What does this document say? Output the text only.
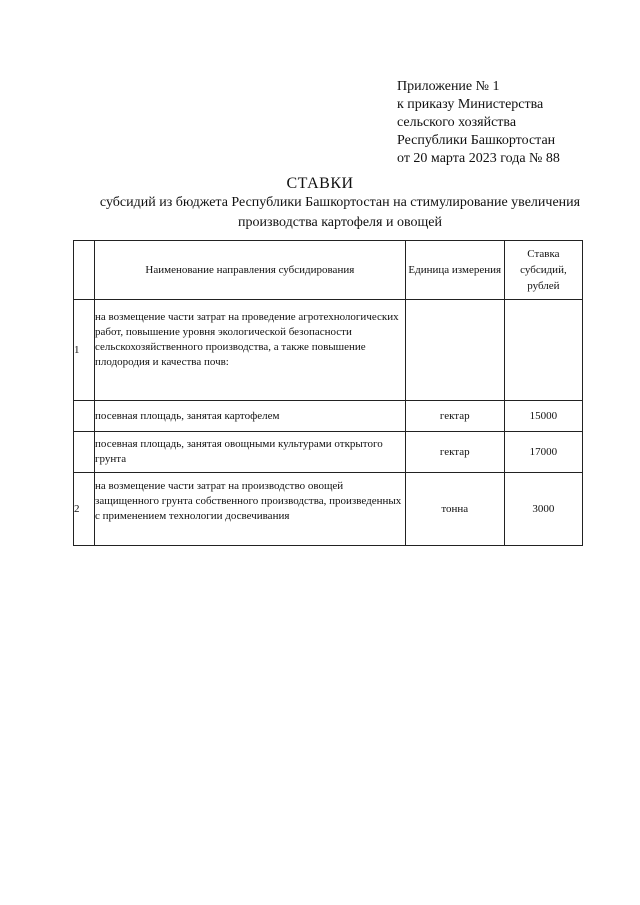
Приложение № 1
к приказу Министерства
сельского хозяйства
Республики Башкортостан
от 20 марта 2023 года № 88
СТАВКИ
субсидий из бюджета Республики Башкортостан на стимулирование увеличения
производства картофеля и овощей
	Наименование направления субсидирования	Единица измерения	Ставка субсидий, рублей
1	на возмещение части затрат на проведение агротехнологических работ, повышение уровня экологической безопасности сельскохозяйственного производства, а также повышение плодородия и качества почв:		
	посевная площадь, занятая картофелем	гектар	15000
	посевная площадь, занятая овощными культурами открытого грунта	гектар	17000
2	на возмещение части затрат на производство овощей защищенного грунта собственного производства, произведенных с применением технологии досвечивания	тонна	3000
